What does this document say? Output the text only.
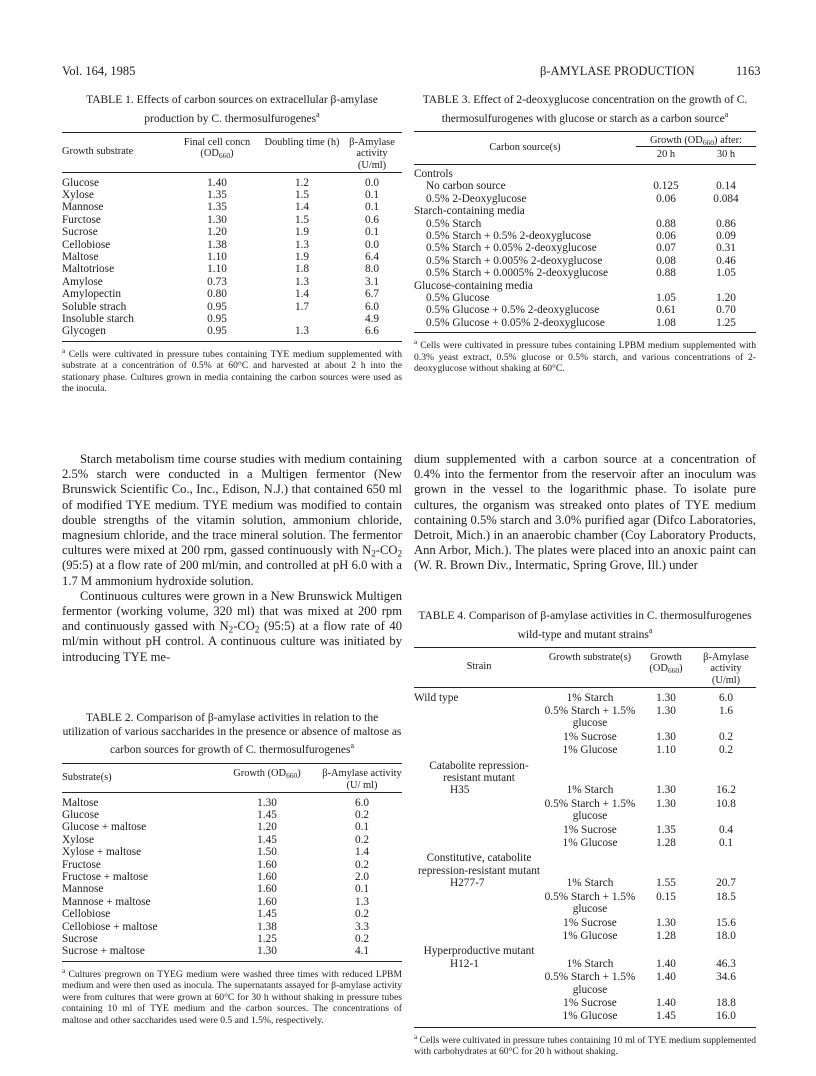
Vol. 164, 1985	β-AMYLASE PRODUCTION	1163
TABLE 1. Effects of carbon sources on extracellular β-amylase
production by C. thermosulfurogenes$^a$
Growth substrate	Final cell concn $(OD_{660})$	Doubling time (h)	β-Amylase activity (U/ml)
Glucose	1.40	1.2	0.0
Xylose	1.35	1.5	0.1
Mannose	1.35	1.4	0.1
Furctose	1.30	1.5	0.6
Sucrose	1.20	1.9	0.1
Cellobiose	1.38	1.3	0.0
Maltose	1.10	1.9	6.4
Maltotriose	1.10	1.8	8.0
Amylose	0.73	1.3	3.1
Amylopectin	0.80	1.4	6.7
Soluble strach	0.95	1.7	6.0
Insoluble starch	0.95		4.9
Glycogen	0.95	1.3	6.6
$^a$ Cells were cultivated in pressure tubes containing TYE medium supplemented with substrate at a concentration of 0.5% at 60°C and harvested at about 2 h into the stationary phase. Cultures grown in media containing the carbon sources were used as the inocula.
TABLE 3. Effect of 2-deoxyglucose concentration on the growth of C. thermosulfurogenes with glucose or starch as a carbon source$^a$
Carbon source(s)	Growth $(OD_{660})$ after:	
	20 h	30 h
Controls		
No carbon source	0.125	0.14
0.5% 2-Deoxyglucose	0.06	0.084
Starch-containing media		
0.5% Starch	0.88	0.86
0.5% Starch + 0.5% 2-deoxyglucose	0.06	0.09
0.5% Starch + 0.05% 2-deoxyglucose	0.07	0.31
0.5% Starch + 0.005% 2-deoxyglucose	0.08	0.46
0.5% Starch + 0.0005% 2-deoxyglucose	0.88	1.05
Glucose-containing media		
0.5% Glucose	1.05	1.20
0.5% Glucose + 0.5% 2-deoxyglucose	0.61	0.70
0.5% Glucose + 0.05% 2-deoxyglucose	1.08	1.25
$^a$ Cells were cultivated in pressure tubes containing LPBM medium supplemented with 0.3% yeast extract, 0.5% glucose or 0.5% starch, and various concentrations of 2-deoxyglucose without shaking at 60°C.

Starch metabolism time course studies with medium containing 2.5% starch were conducted in a Multigen fermentor (New Brunswick Scientific Co., Inc., Edison, N.J.) that contained 650 ml of modified TYE medium. TYE medium was modified to contain double strengths of the vitamin solution, ammonium chloride, magnesium chloride, and the trace mineral solution. The fermentor cultures were mixed at 200 rpm, gassed continuously with $N_2-CO_2$ (95:5) at a flow rate of 200 ml/min, and controlled at pH 6.0 with a 1.7 M ammonium hydroxide solution.

Continuous cultures were grown in a New Brunswick Multigen fermentor (working volume, 320 ml) that was mixed at 200 rpm and continuously gassed with $N_2-CO_2$ (95:5) at a flow rate of 40 ml/min without pH control. A continuous culture was initiated by introducing TYE me-

dium supplemented with a carbon source at a concentration of 0.4% into the fermentor from the reservoir after an inoculum was grown in the vessel to the logarithmic phase. To isolate pure cultures, the organism was streaked onto plates of TYE medium containing 0.5% starch and 3.0% purified agar (Difco Laboratories, Detroit, Mich.) in an anaerobic chamber (Coy Laboratory Products, Ann Arbor, Mich.). The plates were placed into an anoxic paint can (W. R. Brown Div., Intermatic, Spring Grove, Ill.) under

TABLE 2. Comparison of β-amylase activities in relation to the utilization of various saccharides in the presence or absence of maltose as carbon sources for growth of C. thermosulfurogenes$^a$
Substrate(s)	Growth $(OD_{660})$	β-Amylase activity (U/ ml)
Maltose	1.30	6.0
Glucose	1.45	0.2
Glucose + maltose	1.20	0.1
Xylose	1.45	0.2
Xylose + maltose	1.50	1.4
Fructose	1.60	0.2
Fructose + maltose	1.60	2.0
Mannose	1.60	0.1
Mannose + maltose	1.60	1.3
Cellobiose	1.45	0.2
Cellobiose + maltose	1.38	3.3
Sucrose	1.25	0.2
Sucrose + maltose	1.30	4.1
$^a$ Cultures pregrown on TYEG medium were washed three times with reduced LPBM medium and were then used as inocula. The supernatants assayed for β-amylase activity were from cultures that were grown at 60°C for 30 h without shaking in pressure tubes containing 10 ml of TYE medium and the carbon sources. The concentrations of maltose and other saccharides used were 0.5 and 1.5%, respectively.
TABLE 4. Comparison of β-amylase activities in C. thermosulfurogenes wild-type and mutant strains$^a$
Strain	Growth substrate(s)	Growth $(OD_{660})$	β-Amylase activity (U/ml)
Wild type	1% Starch	1.30	6.0
	0.5% Starch + 1.5% glucose	1.30	1.6
	1% Sucrose	1.30	0.2
	1% Glucose	1.10	0.2
Catabolite repression-resistant mutant			
H35	1% Starch	1.30	16.2
	0.5% Starch + 1.5% glucose	1.30	10.8
	1% Sucrose	1.35	0.4
	1% Glucose	1.28	0.1
Constitutive, catabolite repression-resistant mutant			
H277-7	1% Starch	1.55	20.7
	0.5% Starch + 1.5% glucose	0.15	18.5
	1% Sucrose	1.30	15.6
	1% Glucose	1.28	18.0
Hyperproductive mutant			
H12-1	1% Starch	1.40	46.3
	0.5% Starch + 1.5% glucose	1.40	34.6
	1% Sucrose	1.40	18.8
	1% Glucose	1.45	16.0
$^a$ Cells were cultivated in pressure tubes containing 10 ml of TYE medium supplemented with carbohydrates at 60°C for 20 h without shaking.
